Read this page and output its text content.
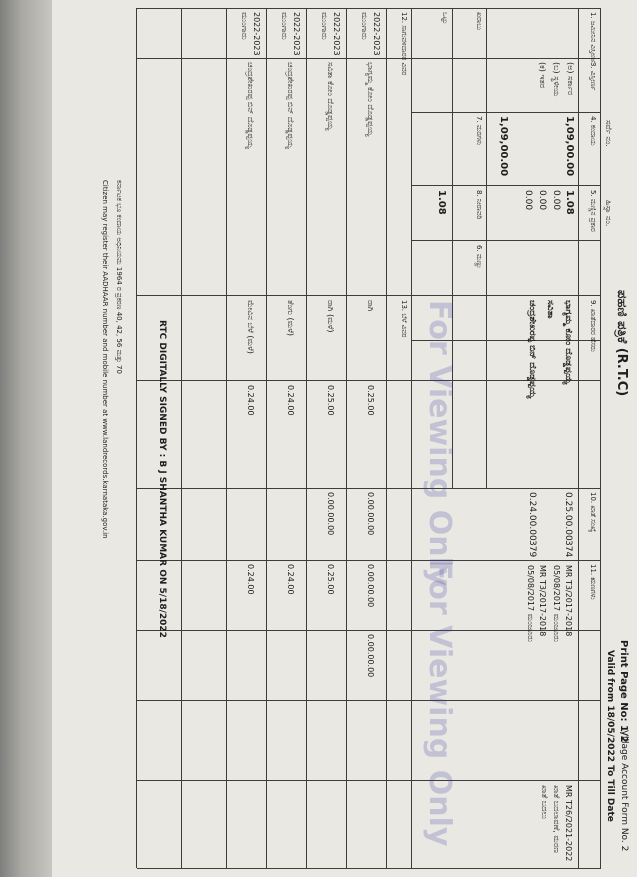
ಪಹಣಿ ಪತ್ರಿಕೆ (R.T.C)
Print Page No: 1/2
Village Account Form No. 2
Valid from 18/05/2022 To Till Date
ಸರ್ವೆ ನಂ.
ಹಿಸ್ಸಾ ನಂ.
1. ಜಮೀನಿನ ವಿಸ್ತೀರ್ಣ
3. ವಿಸ್ತೀರ್ಣ
4. ಕಂದಾಯ
5. ಮಣ್ಣಿನ ಪ್ರಕಾರ
9. ಖಾತೆದಾರರ ಹೆಸರು
10. ಖಾತೆ ಸಂಖ್ಯೆ
11. ಋಣಗಳು
ಖರಾಬು
ಒಟ್ಟು
12. ಸಾಗುವಳಿದಾರರ ವಿವರ
13. ಬೆಳೆ ವಿವರ
7. ಮರಗಳು
8. ನೀರಾವರಿ
6. ಮಣ್ಣು
(ಅ) ಸರ್ಕಾರ
(ಬ) ಸ್ಥಳೀಯ
(ಕ) ಇತರ
1,09,00.00
1,09,00.00
1.08
0.00
0.00
0.00
1.08
ಭಾಗ್ಯಮ್ಮ ಕೋಂ ದೊಡ್ಡಪ್ಪಯ್ಯ
0.25.00.00
374
ಸವಿತಾ
ಚಂದ್ರಶೇಖರಪ್ಪ ಬಿನ್ ದೊಡ್ಡಪ್ಪಯ್ಯ
0.24.00.00
379
MR T3/2017-2018
05/08/2017 ಮಂಜೂರು
MR T3/2017-2018
05/08/2017 ಮಂಜೂರು
MR T26/2021-2022
ಖಾತೆ ಬದಲಾವಣೆ, ಮರಣ
ಖಾತೆ ಬದಲು
2022-2023
ಮುಂಗಾರು
ಭಾಗ್ಯಮ್ಮ ಕೋಂ ದೊಡ್ಡಪ್ಪಯ್ಯ
ರಾಗಿ
0.25.00
0.00.00.00
0.00.00.00
0.00.00.00
2022-2023
ಮುಂಗಾರು
ಸವಿತಾ ಕೋಂ ದೊಡ್ಡಪ್ಪಯ್ಯ
ರಾಗಿ (ಮಳೆ)
0.25.00
0.00.00.00
0.25.00
2022-2023
ಮುಂಗಾರು
ಚಂದ್ರಶೇಖರಪ್ಪ ಬಿನ್ ದೊಡ್ಡಪ್ಪಯ್ಯ
ತೆಂಗು (ಮಳೆ)
0.24.00
0.24.00
2022-2023
ಮುಂಗಾರು
ಚಂದ್ರಶೇಖರಪ್ಪ ಬಿನ್ ದೊಡ್ಡಪ್ಪಯ್ಯ
ಮೇವಿನ ಬೆಳೆ (ಮಳೆ)
0.24.00
0.24.00	For Viewing Only
For Viewing Only
RTC DIGITALLY SIGNED BY : B J SHANTHA KUMAR ON 5/18/2022
ಕರ್ನಾಟಕ ಭೂ ಕಂದಾಯ ಅಧಿನಿಯಮ 1964 ರ ಪ್ರಕರಣ 40, 42, 56 ಮತ್ತು 70
Citizen may register their AADHAAR number and mobile number at www.landrecords.karnataka.gov.in
